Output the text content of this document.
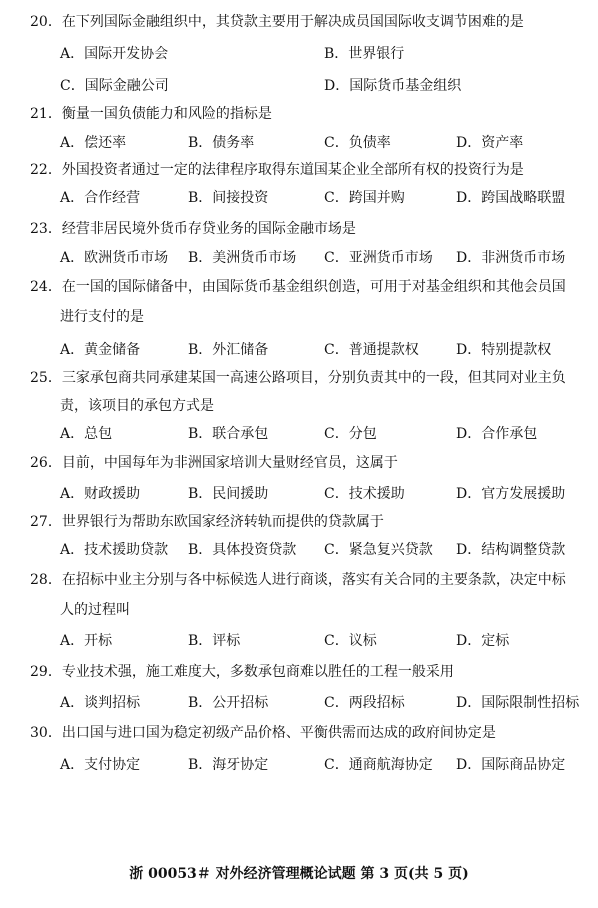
20．在下列国际金融组织中，其贷款主要用于解决成员国国际收支调节困难的是
A．国际开发协会	B．世界银行
C．国际金融公司	D．国际货币基金组织
21．衡量一国负债能力和风险的指标是
A．偿还率	B．债务率	C．负债率	D．资产率
22．外国投资者通过一定的法律程序取得东道国某企业全部所有权的投资行为是
A．合作经营	B．间接投资	C．跨国并购	D．跨国战略联盟
23．经营非居民境外货币存贷业务的国际金融市场是
A．欧洲货币市场 B．美洲货币市场 C．亚洲货币市场 D．非洲货币市场
24．在一国的国际储备中，由国际货币基金组织创造，可用于对基金组织和其他会员国
进行支付的是
A．黄金储备	B．外汇储备	C．普通提款权	D．特别提款权
25．三家承包商共同承建某国一高速公路项目，分别负责其中的一段，但其同对业主负
责，该项目的承包方式是
A．总包	B．联合承包	C．分包	D．合作承包
26．目前，中国每年为非洲国家培训大量财经官员，这属于
A．财政援助	B．民间援助	C．技术援助	D．官方发展援助
27．世界银行为帮助东欧国家经济转轨而提供的贷款属于
A．技术援助贷款 B．具体投资贷款 C．紧急复兴贷款 D．结构调整贷款
28．在招标中业主分别与各中标候选人进行商谈，落实有关合同的主要条款，决定中标
人的过程叫
A．开标	B．评标	C．议标	D．定标
29．专业技术强，施工难度大，多数承包商难以胜任的工程一般采用
A．谈判招标	B．公开招标	C．两段招标	D．国际限制性招标
30．出口国与进口国为稳定初级产品价格、平衡供需而达成的政府间协定是
A．支付协定	B．海牙协定	C．通商航海协定 D．国际商品协定
浙 00053＃ 对外经济管理概论试题 第 3 页(共 5 页)
